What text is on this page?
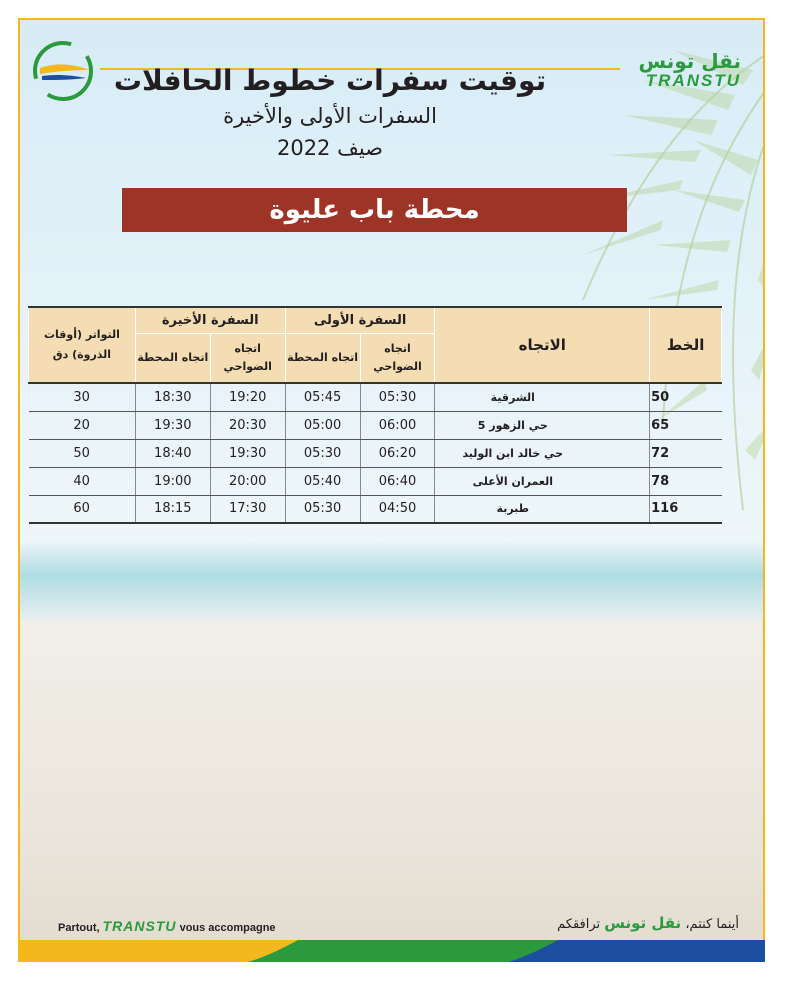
نقل تونس
TRANSTU
توقيت سفرات خطوط الحافلات
السفرات الأولى والأخيرة
صيف 2022
محطة باب عليوة
الخط	الاتجاه	السفرة الأولى		السفرة الأخيرة		التواتر (أوقات الذروة) دق
		اتجاه الضواحي	اتجاه المحطة	اتجاه الضواحي	اتجاه المحطة	
50	الشرقية	05:30	05:45	19:20	18:30	30
65	حي الزهور 5	06:00	05:00	20:30	19:30	20
72	حي خالد ابن الوليد	06:20	05:30	19:30	18:40	50
78	العمران الأعلى	06:40	05:40	20:00	19:00	40
116	طبربة	04:50	05:30	17:30	18:15	60
Partout, TRANSTU vous accompagne	أينما كنتم، نقل تونس ترافقكم
